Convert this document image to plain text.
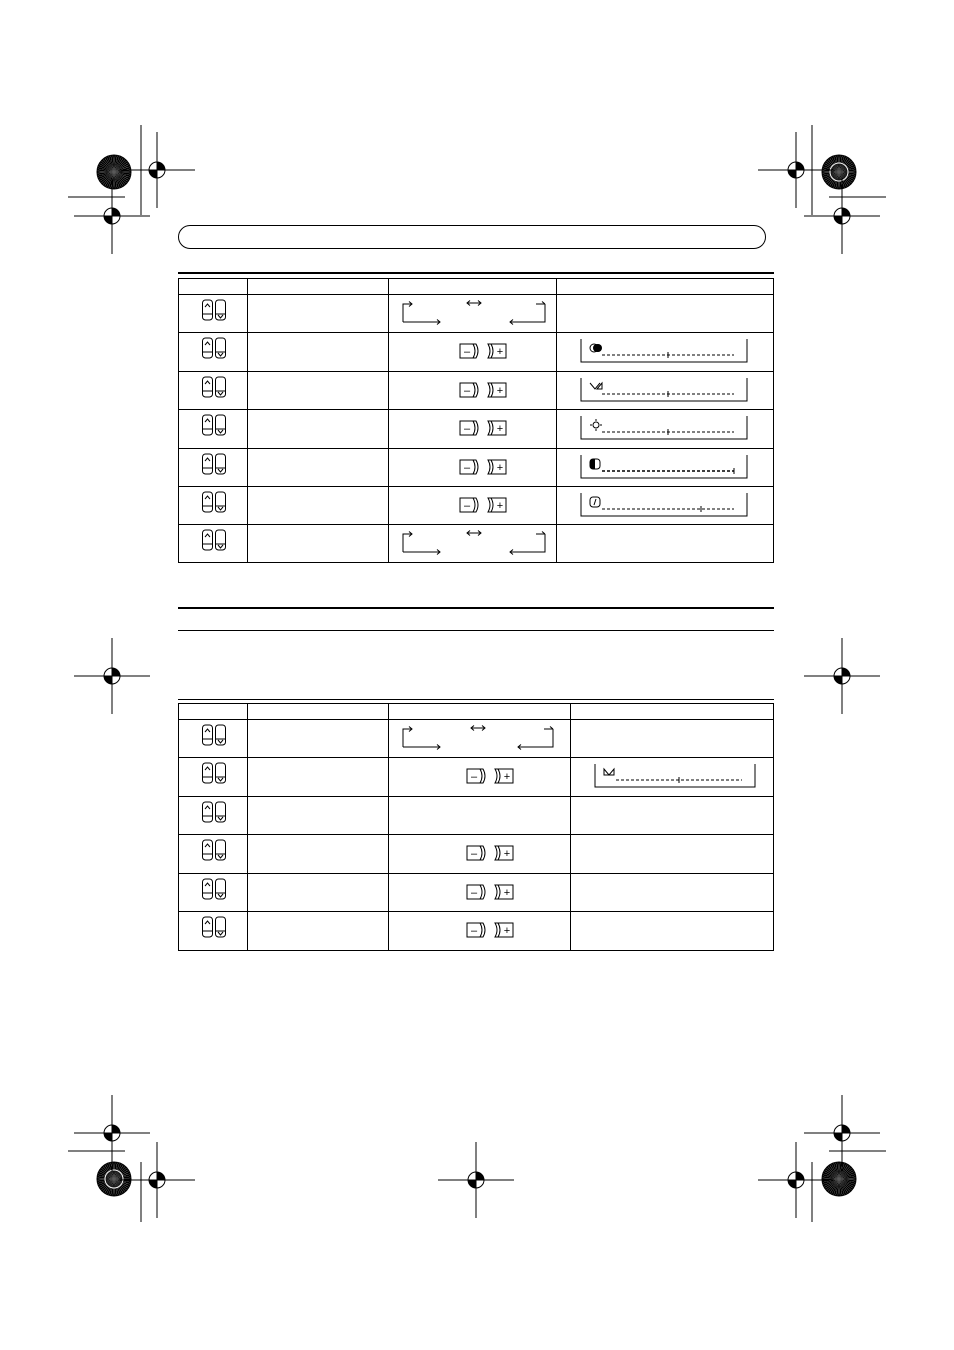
– +
– +
– +
– +
– +
– +
– +
– +
– +
